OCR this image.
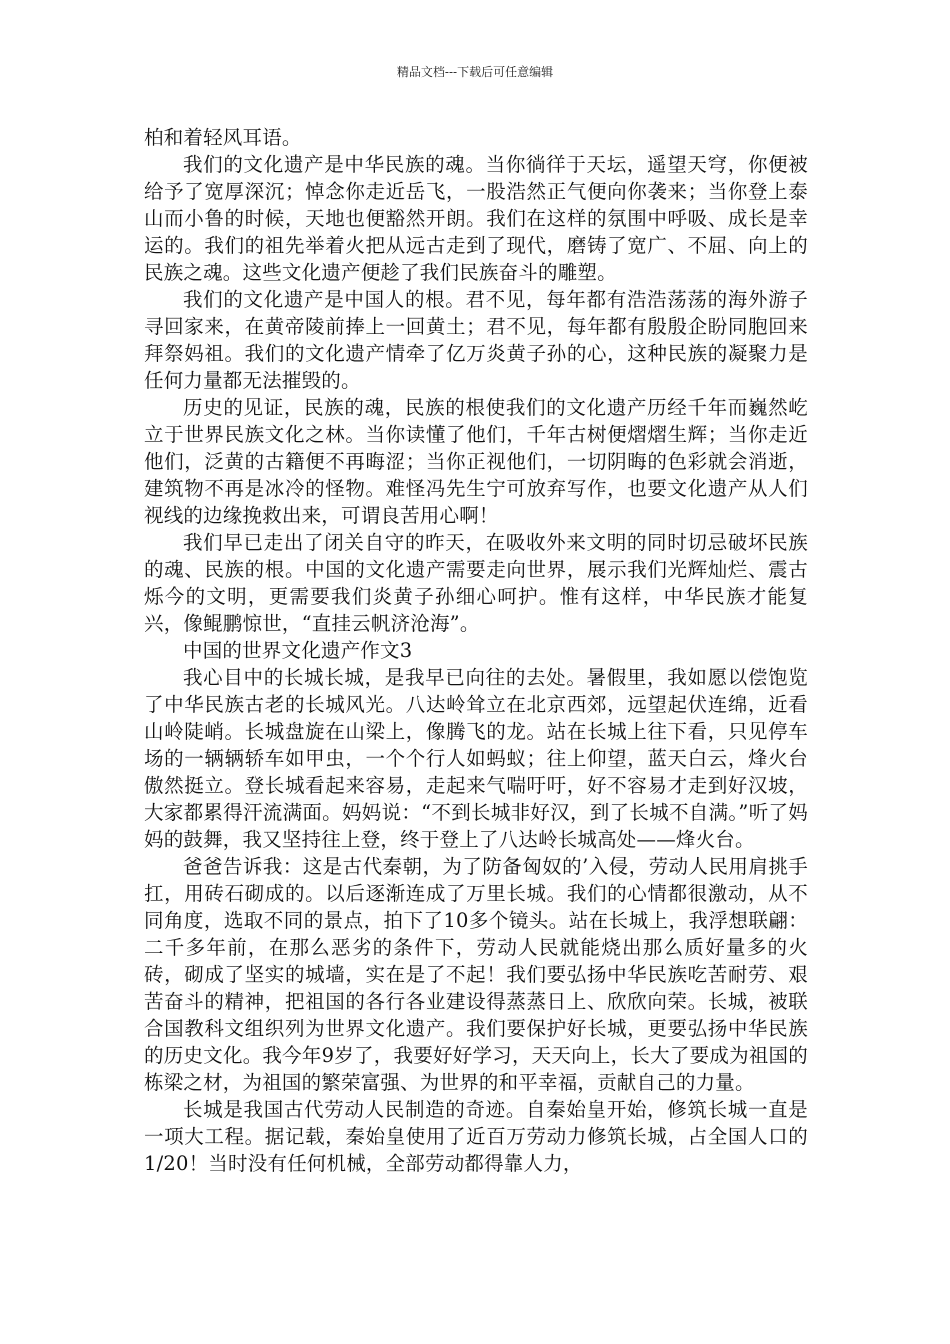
精品文档---下载后可任意编辑

柏和着轻风耳语。

我们的文化遗产是中华民族的魂。当你徜徉于天坛，遥望天穹，你便被给予了宽厚深沉；悼念你走近岳飞，一股浩然正气便向你袭来；当你登上泰山而小鲁的时候，天地也便豁然开朗。我们在这样的氛围中呼吸、成长是幸运的。我们的祖先举着火把从远古走到了现代，磨铸了宽广、不屈、向上的民族之魂。这些文化遗产便趁了我们民族奋斗的雕塑。

我们的文化遗产是中国人的根。君不见，每年都有浩浩荡荡的海外游子寻回家来，在黄帝陵前捧上一回黄土；君不见，每年都有殷殷企盼同胞回来拜祭妈祖。我们的文化遗产情牵了亿万炎黄子孙的心，这种民族的凝聚力是任何力量都无法摧毁的。

历史的见证，民族的魂，民族的根使我们的文化遗产历经千年而巍然屹立于世界民族文化之林。当你读懂了他们，千年古树便熠熠生辉；当你走近他们，泛黄的古籍便不再晦涩；当你正视他们，一切阴晦的色彩就会消逝，建筑物不再是冰冷的怪物。难怪冯先生宁可放弃写作，也要文化遗产从人们视线的边缘挽救出来，可谓良苦用心啊！

我们早已走出了闭关自守的昨天，在吸收外来文明的同时切忌破坏民族的魂、民族的根。中国的文化遗产需要走向世界，展示我们光辉灿烂、震古烁今的文明，更需要我们炎黄子孙细心呵护。惟有这样，中华民族才能复兴，像鲲鹏惊世，“直挂云帆济沧海”。

中国的世界文化遗产作文3

我心目中的长城长城，是我早已向往的去处。暑假里，我如愿以偿饱览了中华民族古老的长城风光。八达岭耸立在北京西郊，远望起伏连绵，近看山岭陡峭。长城盘旋在山梁上，像腾飞的龙。站在长城上往下看，只见停车场的一辆辆轿车如甲虫，一个个行人如蚂蚁；往上仰望，蓝天白云，烽火台傲然挺立。登长城看起来容易，走起来气喘吁吁，好不容易才走到好汉坡，大家都累得汗流满面。妈妈说：“不到长城非好汉，到了长城不自满。”听了妈妈的鼓舞，我又坚持往上登，终于登上了八达岭长城高处——烽火台。

爸爸告诉我：这是古代秦朝，为了防备匈奴的’入侵，劳动人民用肩挑手扛，用砖石砌成的。以后逐渐连成了万里长城。我们的心情都很激动，从不同角度，选取不同的景点，拍下了10多个镜头。站在长城上，我浮想联翩：二千多年前，在那么恶劣的条件下，劳动人民就能烧出那么质好量多的火砖，砌成了坚实的城墙，实在是了不起！我们要弘扬中华民族吃苦耐劳、艰苦奋斗的精神，把祖国的各行各业建设得蒸蒸日上、欣欣向荣。长城，被联合国教科文组织列为世界文化遗产。我们要保护好长城，更要弘扬中华民族的历史文化。我今年9岁了，我要好好学习，天天向上，长大了要成为祖国的栋梁之材，为祖国的繁荣富强、为世界的和平幸福，贡献自己的力量。

长城是我国古代劳动人民制造的奇迹。自秦始皇开始，修筑长城一直是一项大工程。据记载，秦始皇使用了近百万劳动力修筑长城，占全国人口的1/20！当时没有任何机械，全部劳动都得靠人力，
